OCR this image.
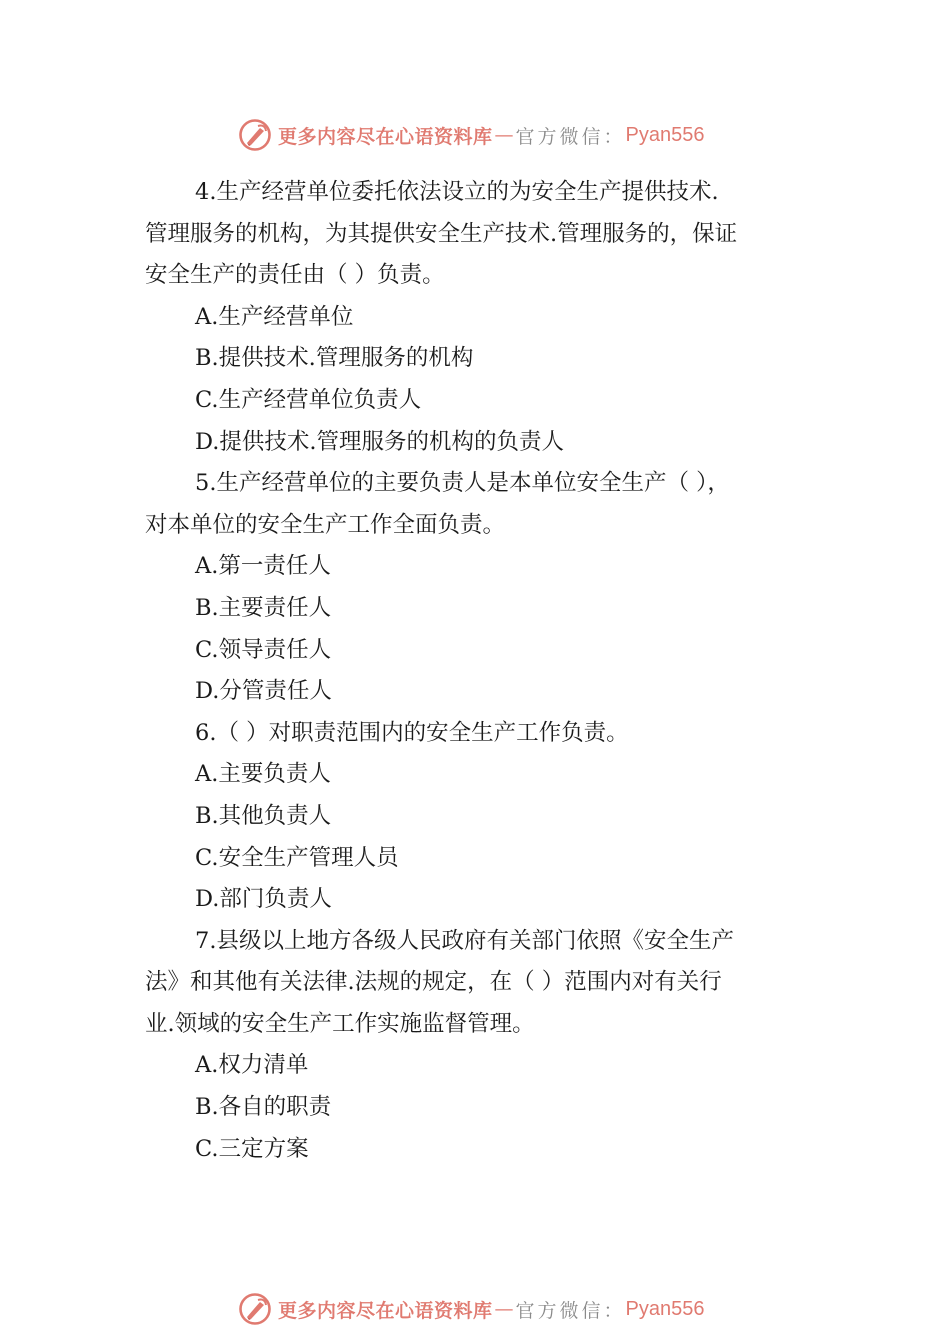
更多内容尽在心语资料库 — 官方微信： Pyan556
4.生产经营单位委托依法设立的为安全生产提供技术.
管理服务的机构，为其提供安全生产技术.管理服务的，保证
安全生产的责任由（ ）负责。
A.生产经营单位
B.提供技术.管理服务的机构
C.生产经营单位负责人
D.提供技术.管理服务的机构的负责人
5.生产经营单位的主要负责人是本单位安全生产（ ），
对本单位的安全生产工作全面负责。
A.第一责任人
B.主要责任人
C.领导责任人
D.分管责任人
6.（ ）对职责范围内的安全生产工作负责。
A.主要负责人
B.其他负责人
C.安全生产管理人员
D.部门负责人
7.县级以上地方各级人民政府有关部门依照《安全生产
法》和其他有关法律.法规的规定，在（ ）范围内对有关行
业.领域的安全生产工作实施监督管理。
A.权力清单
B.各自的职责
C.三定方案
更多内容尽在心语资料库 — 官方微信： Pyan556
